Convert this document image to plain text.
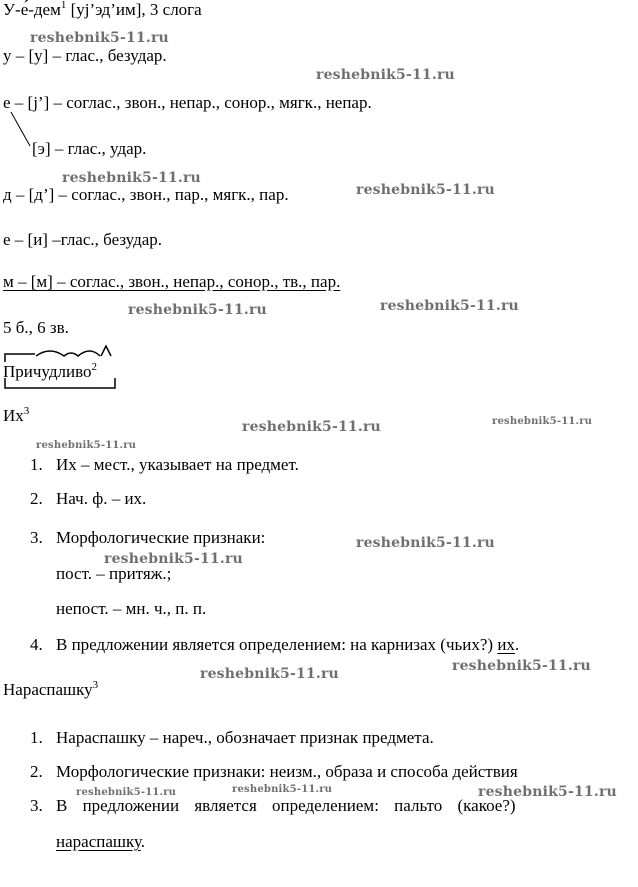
У-е́-дем$^1$ [уj’эд’им], 3 слога
у – [у] – глас., безудар.
е – [j’] – соглас., звон., непар., сонор., мягк., непар.
[э] – глас., удар.
д – [д’] – соглас., звон., пар., мягк., пар.
е – [и] –глас., безудар.
м – [м] – соглас., звон., непар., сонор., тв., пар.
5 б., 6 зв.
Причудливо$^2$
$Их^3$
1. Их – мест., указывает на предмет.
2. Нач. ф. – их.
3. Морфологические признаки:
пост. – притяж.;
непост. – мн. ч., п. п.
4. В предложении является определением: на карнизах (чьих?) их.
Нараспашку$^3$
1. Нараспашку – нареч., обозначает признак предмета.
2. Морфологические признаки: неизм., образа и способа действия
3. В предложении является определением: пальто (какое?)
нараспашку.
reshebnik5-11.ru
reshebnik5-11.ru
reshebnik5-11.ru
reshebnik5-11.ru
reshebnik5-11.ru	reshebnik5-11.ru
reshebnik5-11.ru	reshebnik5-11.ru
reshebnik5-11.ru
reshebnik5-11.ru
reshebnik5-11.ru
reshebnik5-11.ru	reshebnik5-11.ru
reshebnik5-11.ru	reshebnik5-11.ru	reshebnik5-11.ru
